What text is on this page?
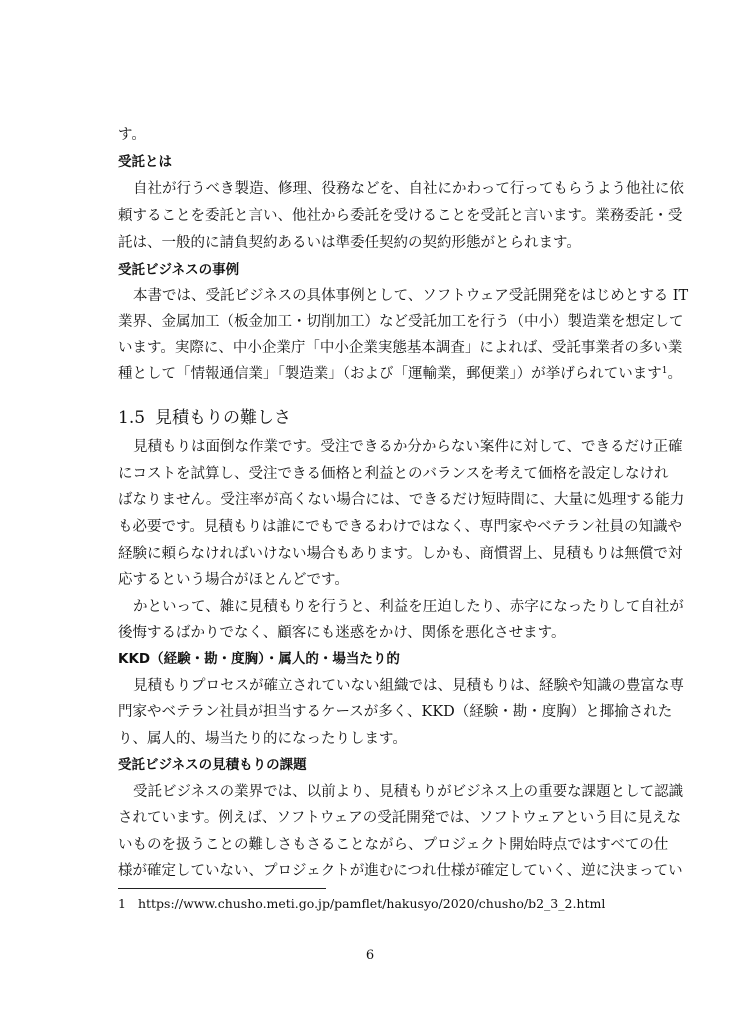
す。
受託とは
自社が行うべき製造、修理、役務などを、自社にかわって行ってもらうよう他社に依
頼することを委託と言い、他社から委託を受けることを受託と言います。業務委託・受
託は、一般的に請負契約あるいは準委任契約の契約形態がとられます。
受託ビジネスの事例
本書では、受託ビジネスの具体事例として、ソフトウェア受託開発をはじめとする IT
業界、金属加工（板金加工・切削加工）など受託加工を行う（中小）製造業を想定して
います。実際に、中小企業庁「中小企業実態基本調査」によれば、受託事業者の多い業
種として「情報通信業」「製造業」（および「運輸業，郵便業」）が挙げられています$^1$。
1.5 見積もりの難しさ
見積もりは面倒な作業です。受注できるか分からない案件に対して、できるだけ正確
にコストを試算し、受注できる価格と利益とのバランスを考えて価格を設定しなけれ
ばなりません。受注率が高くない場合には、できるだけ短時間に、大量に処理する能力
も必要です。見積もりは誰にでもできるわけではなく、専門家やベテラン社員の知識や
経験に頼らなければいけない場合もあります。しかも、商慣習上、見積もりは無償で対
応するという場合がほとんどです。
かといって、雑に見積もりを行うと、利益を圧迫したり、赤字になったりして自社が
後悔するばかりでなく、顧客にも迷惑をかけ、関係を悪化させます。
KKD（経験・勘・度胸）・属人的・場当たり的
見積もりプロセスが確立されていない組織では、見積もりは、経験や知識の豊富な専
門家やベテラン社員が担当するケースが多く、KKD（経験・勘・度胸）と揶揄された
り、属人的、場当たり的になったりします。
受託ビジネスの見積もりの課題
受託ビジネスの業界では、以前より、見積もりがビジネス上の重要な課題として認識
されています。例えば、ソフトウェアの受託開発では、ソフトウェアという目に見えな
いものを扱うことの難しさもさることながら、プロジェクト開始時点ではすべての仕
様が確定していない、プロジェクトが進むにつれ仕様が確定していく、逆に決まってい
1 https://www.chusho.meti.go.jp/pamflet/hakusyo/2020/chusho/b2_3_2.html
6
